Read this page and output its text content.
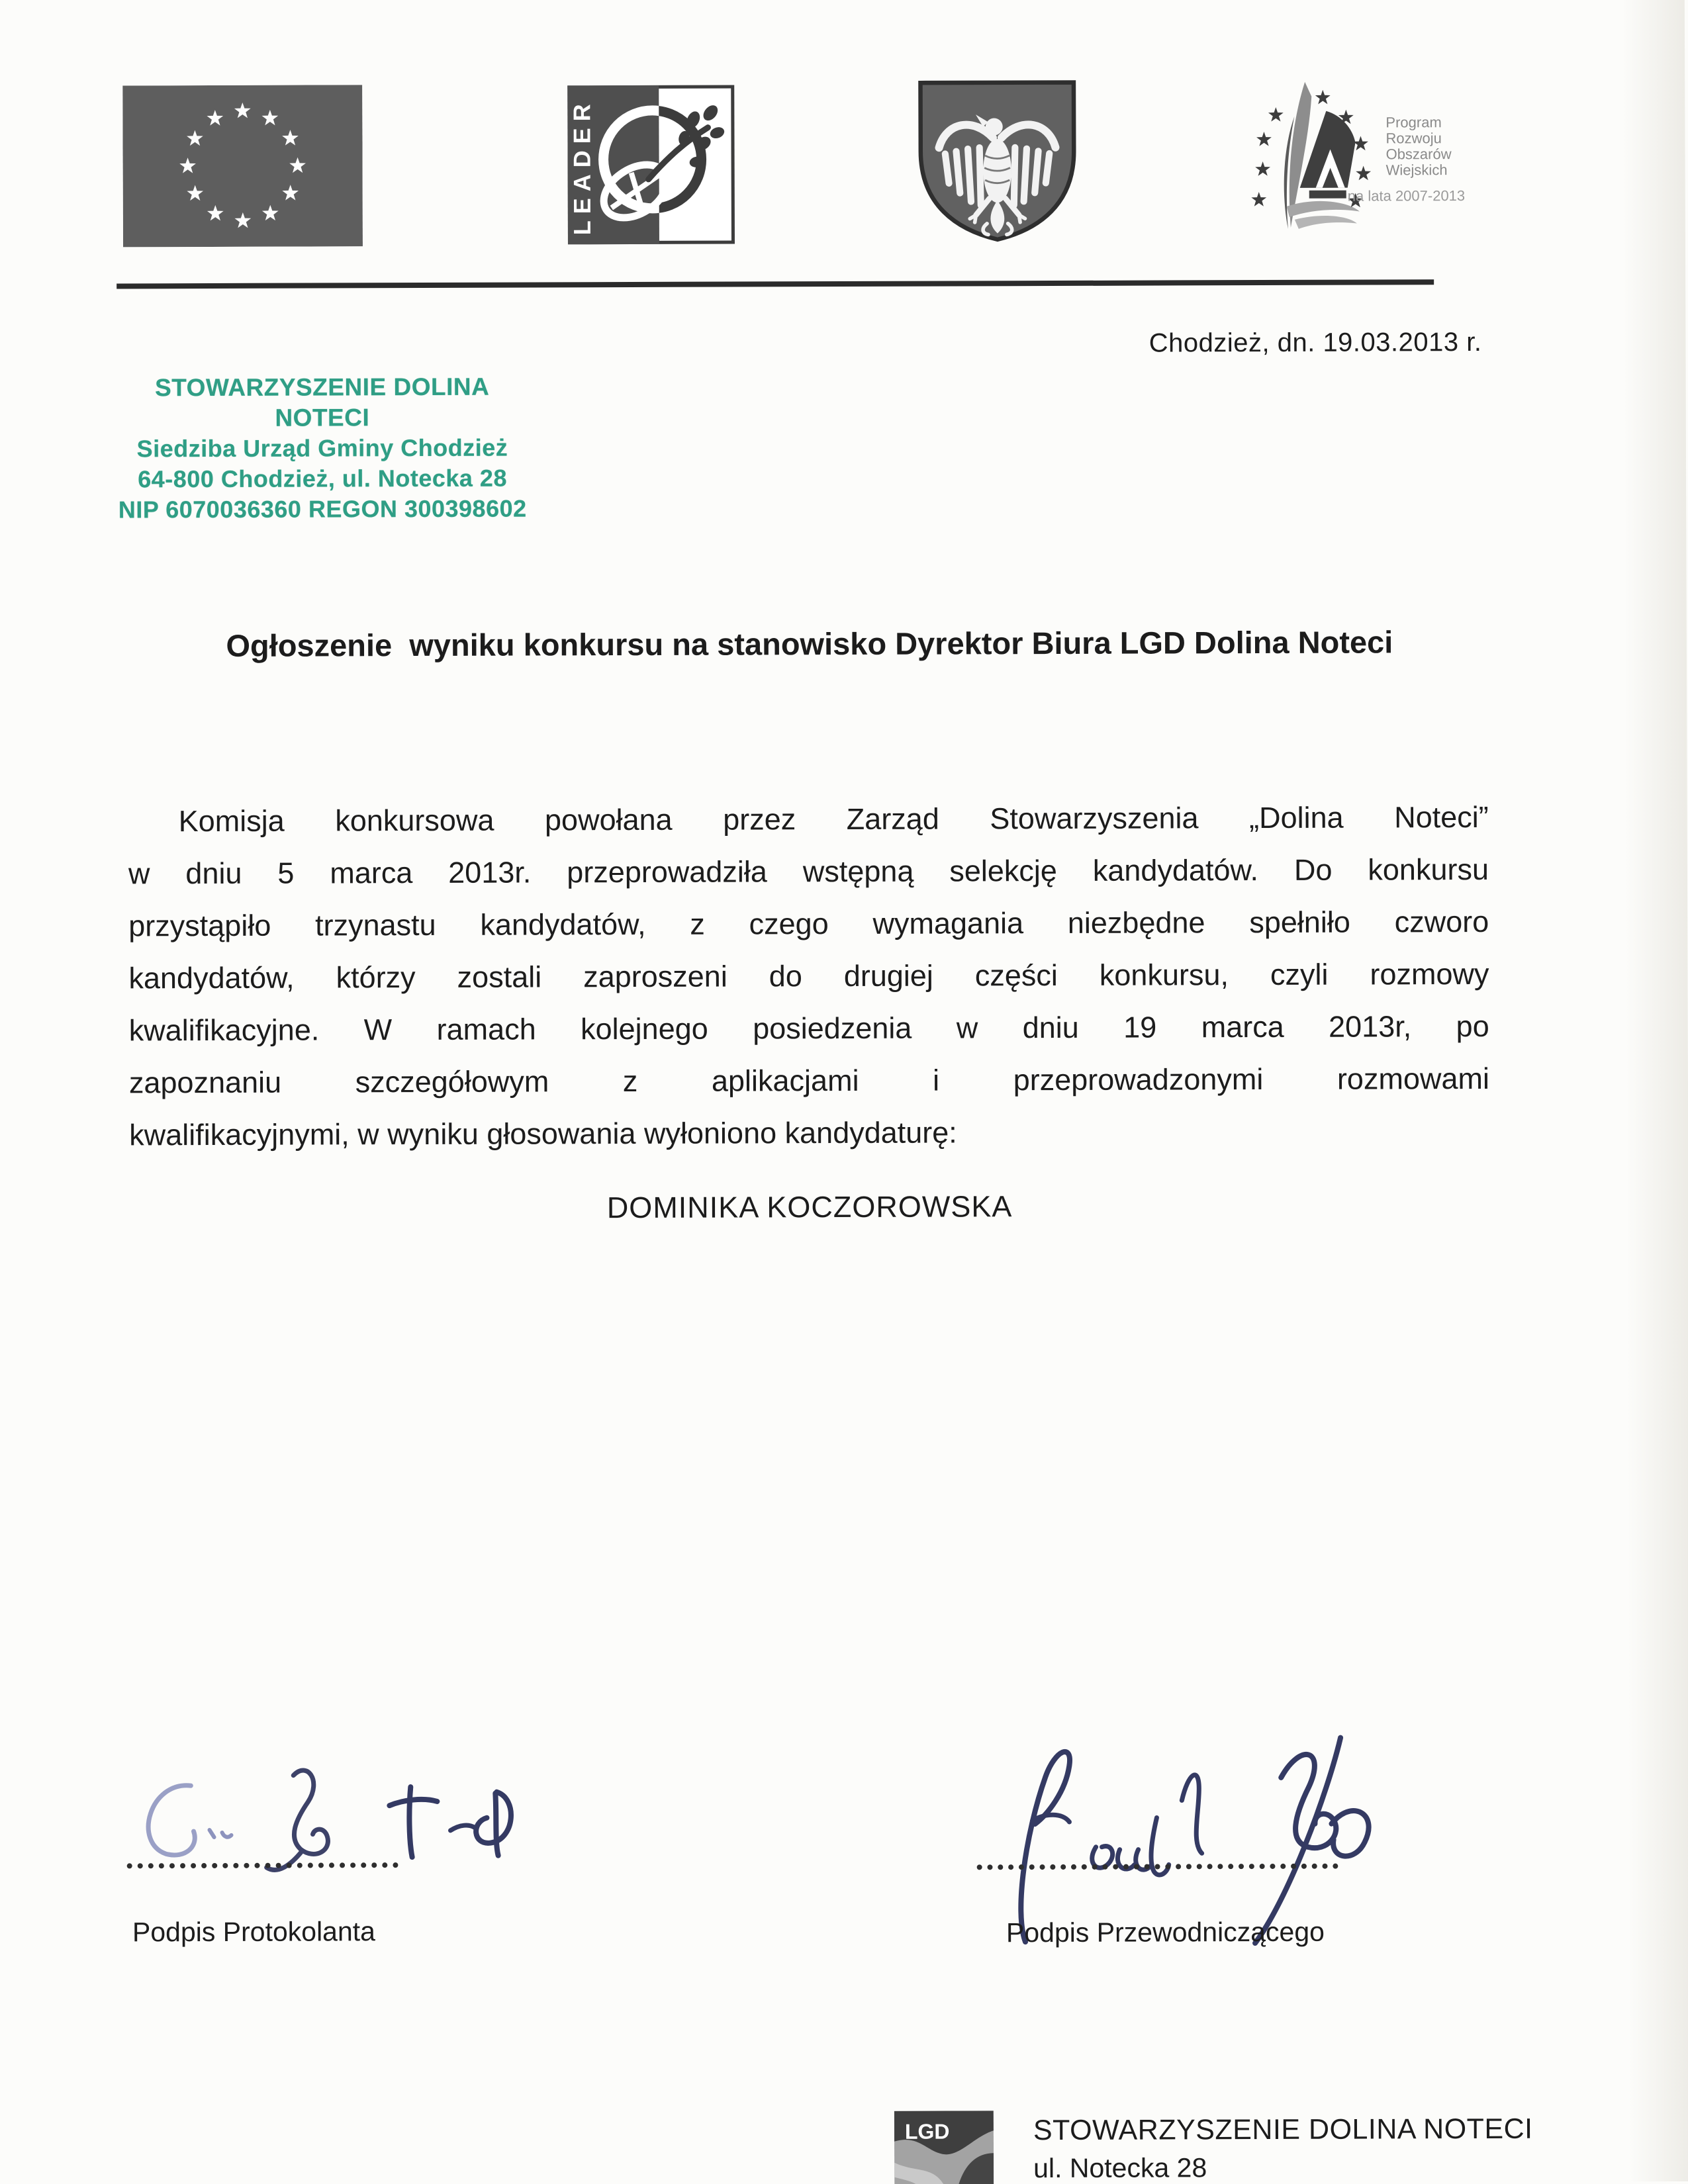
LEADER	Program
Rozwoju
Obszarów
Wiejskich
na lata 2007-2013
Chodzież, dn. 19.03.2013 r.
STOWARZYSZENIE DOLINA NOTECI
Siedziba Urząd Gminy Chodzież
64-800 Chodzież, ul. Notecka 28
NIP 6070036360 REGON 300398602
Ogłoszenie  wyniku konkursu na stanowisko Dyrektor Biura LGD Dolina Noteci
Komisja konkursowa powołana przez Zarząd Stowarzyszenia „Dolina Noteci”
w dniu 5 marca 2013r. przeprowadziła wstępną selekcję kandydatów. Do konkursu
przystąpiło trzynastu kandydatów, z czego wymagania niezbędne spełniło czworo
kandydatów, którzy zostali zaproszeni do drugiej części konkursu, czyli rozmowy
kwalifikacyjne. W ramach kolejnego posiedzenia w dniu 19 marca 2013r, po
zapoznaniu szczegółowym z aplikacjami i przeprowadzonymi rozmowami
kwalifikacyjnymi, w wyniku głosowania wyłoniono kandydaturę:
DOMINIKA KOCZOROWSKA
Podpis Protokolanta	Podpis Przewodniczącego
LGD	STOWARZYSZENIE DOLINA NOTECI
ul. Notecka 28
